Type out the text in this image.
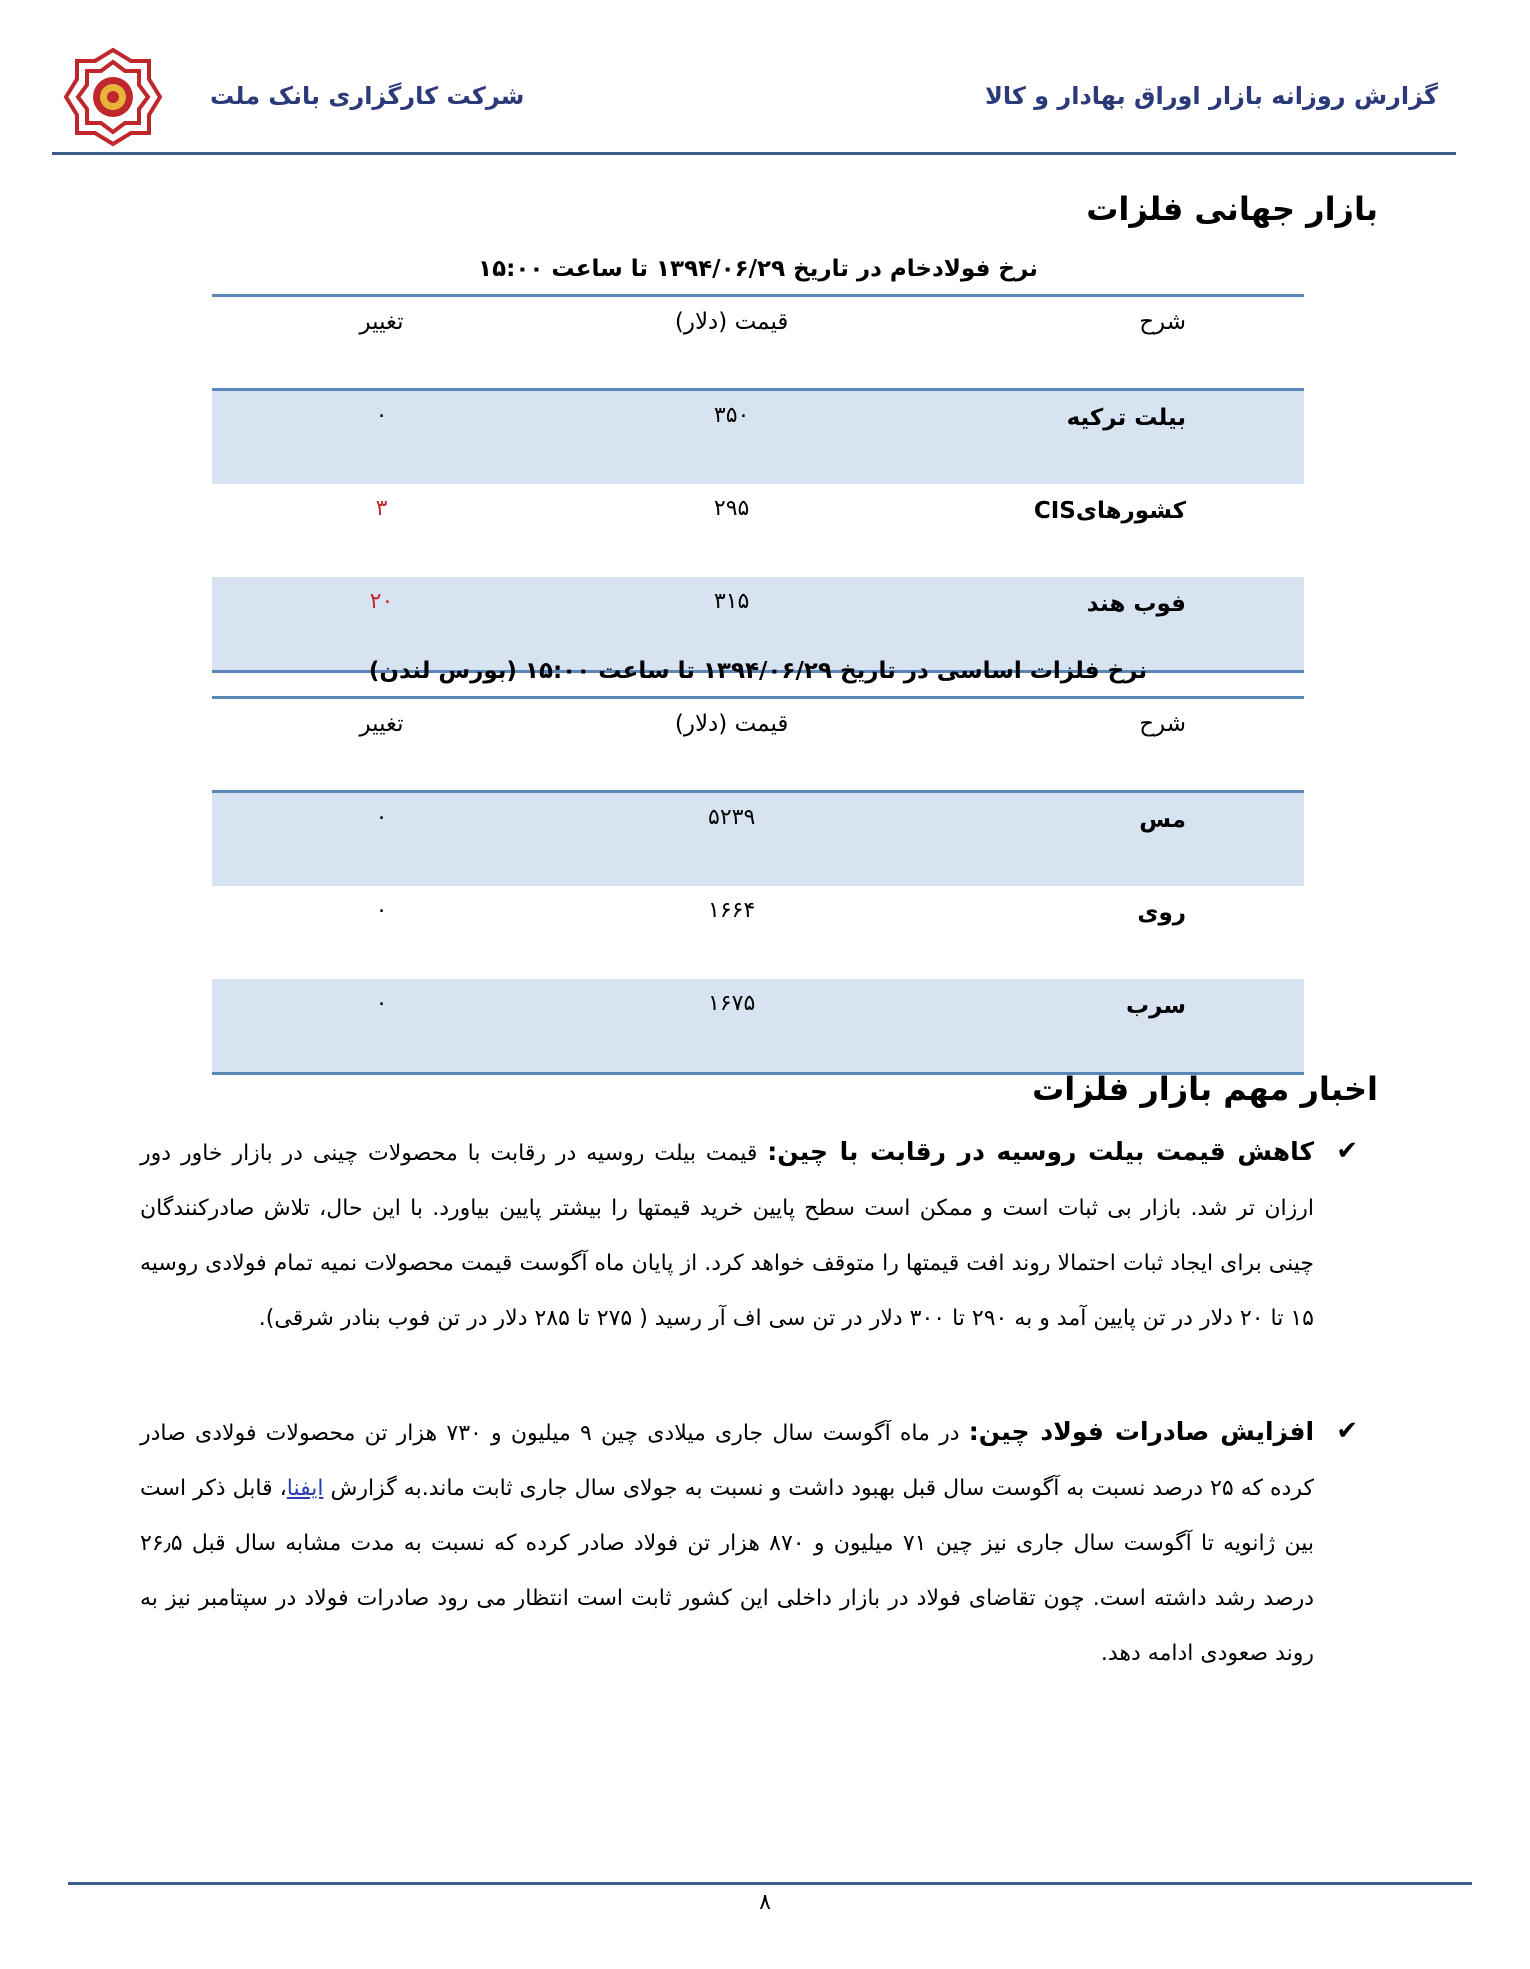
گزارش روزانه بازار اوراق بهادار و کالا
شرکت کارگزاری بانک ملت
بازار جهانی فلزات
نرخ فولادخام در تاریخ ۱۳۹۴/۰۶/۲۹ تا ساعت ۱۵:۰۰
شرح	قیمت (دلار)	تغییر
بیلت ترکیه	۳۵۰	۰
کشورهایCIS	۲۹۵	۳
فوب هند	۳۱۵	۲۰
نرخ فلزات اساسی در تاریخ ۱۳۹۴/۰۶/۲۹ تا ساعت ۱۵:۰۰ (بورس لندن)
شرح	قیمت (دلار)	تغییر
مس	۵۲۳۹	۰
روی	۱۶۶۴	۰
سرب	۱۶۷۵	۰
اخبار مهم بازار فلزات
✔
کاهش قیمت بیلت روسیه در رقابت با چین: قیمت بیلت روسیه در رقابت با محصولات چینی در بازار خاور دور ارزان تر شد. بازار بی ثبات است و ممکن است سطح پایین خرید قیمتها را بیشتر پایین بیاورد. با این حال، تلاش صادرکنندگان چینی برای ایجاد ثبات احتمالا روند افت قیمتها را متوقف خواهد کرد. از پایان ماه آگوست قیمت محصولات نمیه تمام فولادی روسیه ۱۵ تا ۲۰ دلار در تن پایین آمد و به ۲۹۰ تا ۳۰۰ دلار در تن سی اف آر رسید ( ۲۷۵ تا ۲۸۵ دلار در تن فوب بنادر شرقی).
✔
افزایش صادرات فولاد چین: در ماه آگوست سال جاری میلادی چین ۹ میلیون و ۷۳۰ هزار تن محصولات فولادی صادر کرده که ۲۵ درصد نسبت به آگوست سال قبل بهبود داشت و نسبت به جولای سال جاری ثابت ماند.به گزارش ایفنا، قابل ذکر است بین ژانویه تا آگوست سال جاری نیز چین ۷۱ میلیون و ۸۷۰ هزار تن فولاد صادر کرده که نسبت به مدت مشابه سال قبل ۲۶٫۵ درصد رشد داشته است. چون تقاضای فولاد در بازار داخلی این کشور ثابت است انتظار می رود صادرات فولاد در سپتامبر نیز به روند صعودی ادامه دهد.
۸
